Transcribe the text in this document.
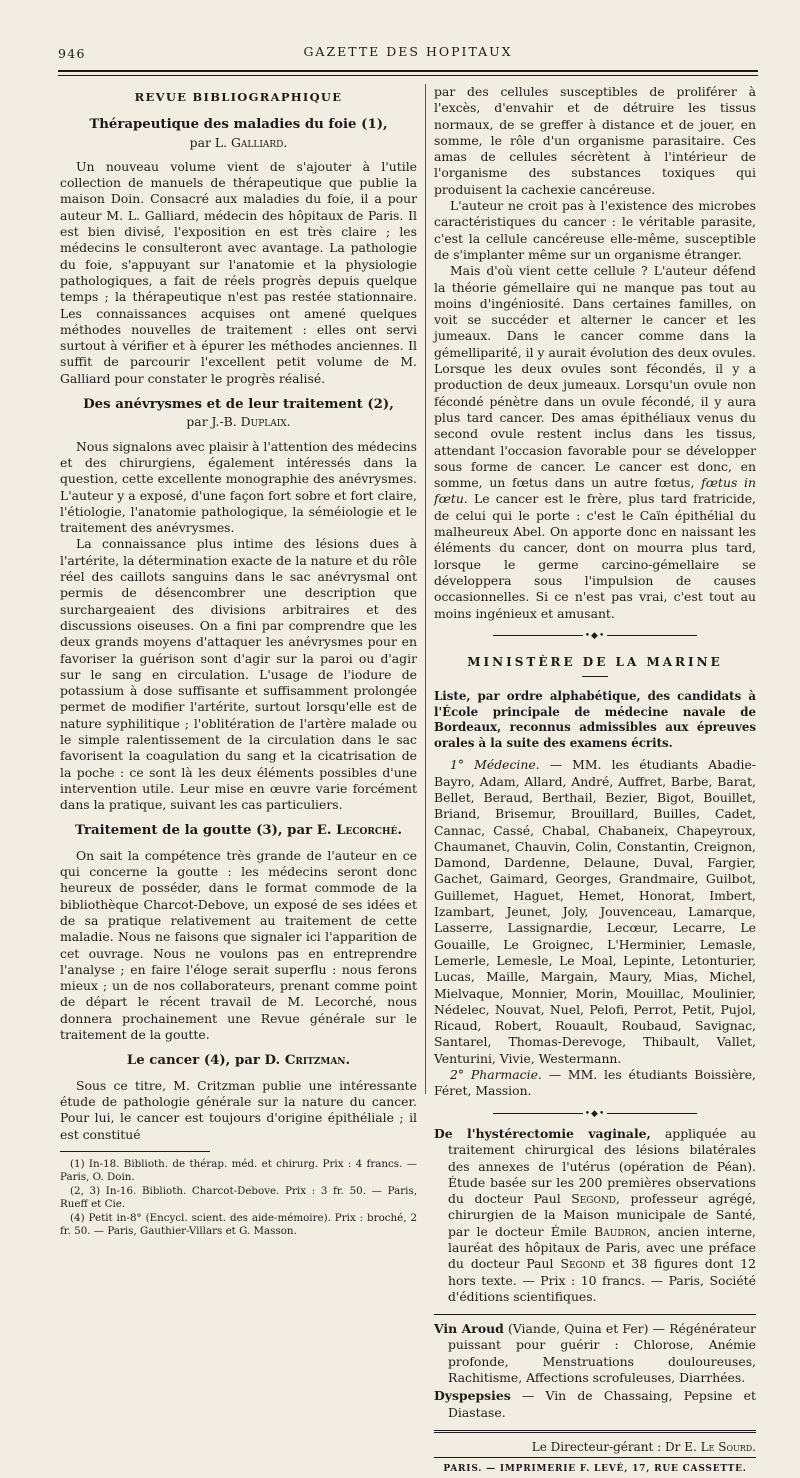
946	GAZETTE DES HOPITAUX
REVUE BIBLIOGRAPHIQUE
Thérapeutique des maladies du foie (1),
par L. Galliard.

Un nouveau volume vient de s'ajouter à l'utile collection de manuels de thérapeutique que publie la maison Doin. Consacré aux maladies du foie, il a pour auteur M. L. Galliard, médecin des hôpitaux de Paris. Il est bien divisé, l'exposition en est très claire ; les médecins le consulteront avec avantage. La pathologie du foie, s'appuyant sur l'anatomie et la physiologie pathologiques, a fait de réels progrès depuis quelque temps ; la thérapeutique n'est pas restée stationnaire. Les connaissances acquises ont amené quelques méthodes nouvelles de traitement : elles ont servi surtout à vérifier et à épurer les méthodes anciennes. Il suffit de parcourir l'excellent petit volume de M. Galliard pour constater le progrès réalisé.

Des anévrysmes et de leur traitement (2),
par J.-B. Duplaix.

Nous signalons avec plaisir à l'attention des médecins et des chirurgiens, également intéressés dans la question, cette excellente monographie des anévrysmes. L'auteur y a exposé, d'une façon fort sobre et fort claire, l'étiologie, l'anatomie pathologique, la séméiologie et le traitement des anévrysmes.

La connaissance plus intime des lésions dues à l'artérite, la détermination exacte de la nature et du rôle réel des caillots sanguins dans le sac anévrysmal ont permis de désencombrer une description que surchargeaient des divisions arbitraires et des discussions oiseuses. On a fini par comprendre que les deux grands moyens d'attaquer les anévrysmes pour en favoriser la guérison sont d'agir sur la paroi ou d'agir sur le sang en circulation. L'usage de l'iodure de potassium à dose suffisante et suffisamment prolongée permet de modifier l'artérite, surtout lorsqu'elle est de nature syphilitique ; l'oblitération de l'artère malade ou le simple ralentissement de la circulation dans le sac favorisent la coagulation du sang et la cicatrisation de la poche : ce sont là les deux éléments possibles d'une intervention utile. Leur mise en œuvre varie forcément dans la pratique, suivant les cas particuliers.

Traitement de la goutte (3), par E. Lecorché.

On sait la compétence très grande de l'auteur en ce qui concerne la goutte : les médecins seront donc heureux de posséder, dans le format commode de la bibliothèque Charcot-Debove, un exposé de ses idées et de sa pratique relativement au traitement de cette maladie. Nous ne faisons que signaler ici l'apparition de cet ouvrage. Nous ne voulons pas en entreprendre l'analyse ; en faire l'éloge serait superflu : nous ferons mieux ; un de nos collaborateurs, prenant comme point de départ le récent travail de M. Lecorché, nous donnera prochainement une Revue générale sur le traitement de la goutte.

Le cancer (4), par D. Critzman.

Sous ce titre, M. Critzman publie une intéressante étude de pathologie générale sur la nature du cancer. Pour lui, le cancer est toujours d'origine épithéliale ; il est constitué

(1) In-18. Biblioth. de thérap. méd. et chirurg. Prix : 4 francs. — Paris, O. Doin.

(2, 3) In-16. Biblioth. Charcot-Debove. Prix : 3 fr. 50. — Paris, Rueff et Cie.

(4) Petit in-8° (Encycl. scient. des aide-mémoire). Prix : broché, 2 fr. 50. — Paris, Gauthier-Villars et G. Masson.

par des cellules susceptibles de proliférer à l'excès, d'envahir et de détruire les tissus normaux, de se greffer à distance et de jouer, en somme, le rôle d'un organisme parasitaire. Ces amas de cellules sécrètent à l'intérieur de l'organisme des substances toxiques qui produisent la cachexie cancéreuse.

L'auteur ne croit pas à l'existence des microbes caractéristiques du cancer : le véritable parasite, c'est la cellule cancéreuse elle-même, susceptible de s'implanter même sur un organisme étranger.

Mais d'où vient cette cellule ? L'auteur défend la théorie gémellaire qui ne manque pas tout au moins d'ingéniosité. Dans certaines familles, on voit se succéder et alterner le cancer et les jumeaux. Dans le cancer comme dans la gémelliparité, il y aurait évolution des deux ovules. Lorsque les deux ovules sont fécondés, il y a production de deux jumeaux. Lorsqu'un ovule non fécondé pénètre dans un ovule fécondé, il y aura plus tard cancer. Des amas épithéliaux venus du second ovule restent inclus dans les tissus, attendant l'occasion favorable pour se développer sous forme de cancer. Le cancer est donc, en somme, un fœtus dans un autre fœtus, fœtus in fœtu. Le cancer est le frère, plus tard fratricide, de celui qui le porte : c'est le Caïn épithélial du malheureux Abel. On apporte donc en naissant les éléments du cancer, dont on mourra plus tard, lorsque le germe carcino-gémellaire se développera sous l'impulsion de causes occasionnelles. Si ce n'est pas vrai, c'est tout au moins ingénieux et amusant.

•◆•
MINISTÈRE DE LA MARINE

Liste, par ordre alphabétique, des candidats à l'École principale de médecine navale de Bordeaux, reconnus admissibles aux épreuves orales à la suite des examens écrits.

1° Médecine. — MM. les étudiants Abadie-Bayro, Adam, Allard, André, Auffret, Barbe, Barat, Bellet, Beraud, Berthail, Bezier, Bigot, Bouillet, Briand, Brisemur, Brouillard, Builles, Cadet, Cannac, Cassé, Chabal, Chabaneix, Chapeyroux, Chaumanet, Chauvin, Colin, Constantin, Creignon, Damond, Dardenne, Delaune, Duval, Fargier, Gachet, Gaimard, Georges, Grandmaire, Guilbot, Guillemet, Haguet, Hemet, Honorat, Imbert, Izambart, Jeunet, Joly, Jouvenceau, Lamarque, Lasserre, Lassignardie, Lecœur, Lecarre, Le Gouaille, Le Groignec, L'Herminier, Lemasle, Lemerle, Lemesle, Le Moal, Lepinte, Letonturier, Lucas, Maille, Margain, Maury, Mias, Michel, Mielvaque, Monnier, Morin, Mouillac, Moulinier, Nédelec, Nouvat, Nuel, Pelofi, Perrot, Petit, Pujol, Ricaud, Robert, Rouault, Roubaud, Savignac, Santarel, Thomas-Derevoge, Thibault, Vallet, Venturini, Vivie, Westermann.

2° Pharmacie. — MM. les étudiants Boissière, Féret, Massion.

•◆•

De l'hystérectomie vaginale, appliquée au traitement chirurgical des lésions bilatérales des annexes de l'utérus (opération de Péan). Étude basée sur les 200 premières observations du docteur Paul Segond, professeur agrégé, chirurgien de la Maison municipale de Santé, par le docteur Émile Baudron, ancien interne, lauréat des hôpitaux de Paris, avec une préface du docteur Paul Segond et 38 figures dont 12 hors texte. — Prix : 10 francs. — Paris, Société d'éditions scientifiques.

Vin Aroud (Viande, Quina et Fer) — Régénérateur puissant pour guérir : Chlorose, Anémie profonde, Menstruations douloureuses, Rachitisme, Affections scrofuleuses, Diarrhées.

Dyspepsies — Vin de Chassaing, Pepsine et Diastase.

Le Directeur-gérant : Dr E. Le Sourd.
PARIS. — IMPRIMERIE F. LEVÉ, 17, RUE CASSETTE.
